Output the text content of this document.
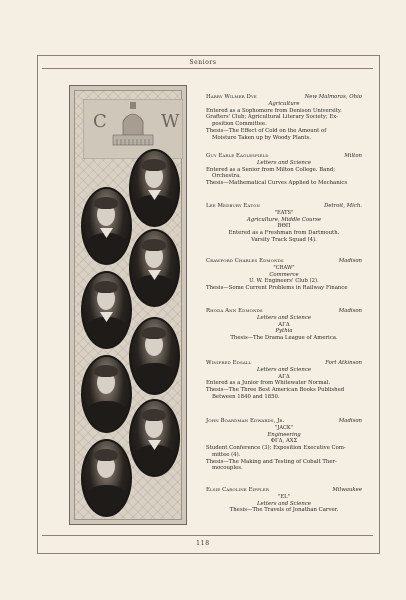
Seniors
C	W
Harry Wilmer Dye	New Malmoras, Ohio
Agriculture
Entered as a Sophomore from Denison University.
Grafters' Club; Agricultural Literary Society; Ex-
position Committee.
Thesis—The Effect of Cold on the Amount of
Moisture Taken up by Woody Plants.
Guy Earle Eaglesfield	Milton
Letters and Science
Entered as a Senior from Milton College. Band;
Orchestra.
Thesis—Mathematical Curves Applied to Mechanics
Lee Medbury Eaton	Detroit, Mich.
"EATS"
Agriculture, Middle Course
ΒΘΠ
Entered as a Freshman from Dartmouth.
Varsity Track Squad (4).
Crawford Charles Edmonds	Madison
"CRAW"
Commerce
U. W. Engineers' Club (2).
Thesis—Some Current Problems in Railway Finance
Rhoda Ann Edmonds	Madison
Letters and Science
ΑΓΔ
Pythia
Thesis—The Drama League of America.
Winifred Edsall	Fort Atkinson
Letters and Science
ΑΓΔ
Entered as a Junior from Whitewater Normal.
Thesis—The Three Best American Books Published
Between 1840 and 1850.
John Boardman Edwards, Jr.	Madison
"JACK"
Engineering
ΦΓΔ, ΑΧΣ
Student Conference (3); Exposition Executive Com-
mittee (4).
Thesis—The Making and Testing of Cobalt Ther-
mocouples.
Elsie Caroline Eiffler	Milwaukee
"EL"
Letters and Science
Thesis—The Travels of Jonathan Carver.
118
